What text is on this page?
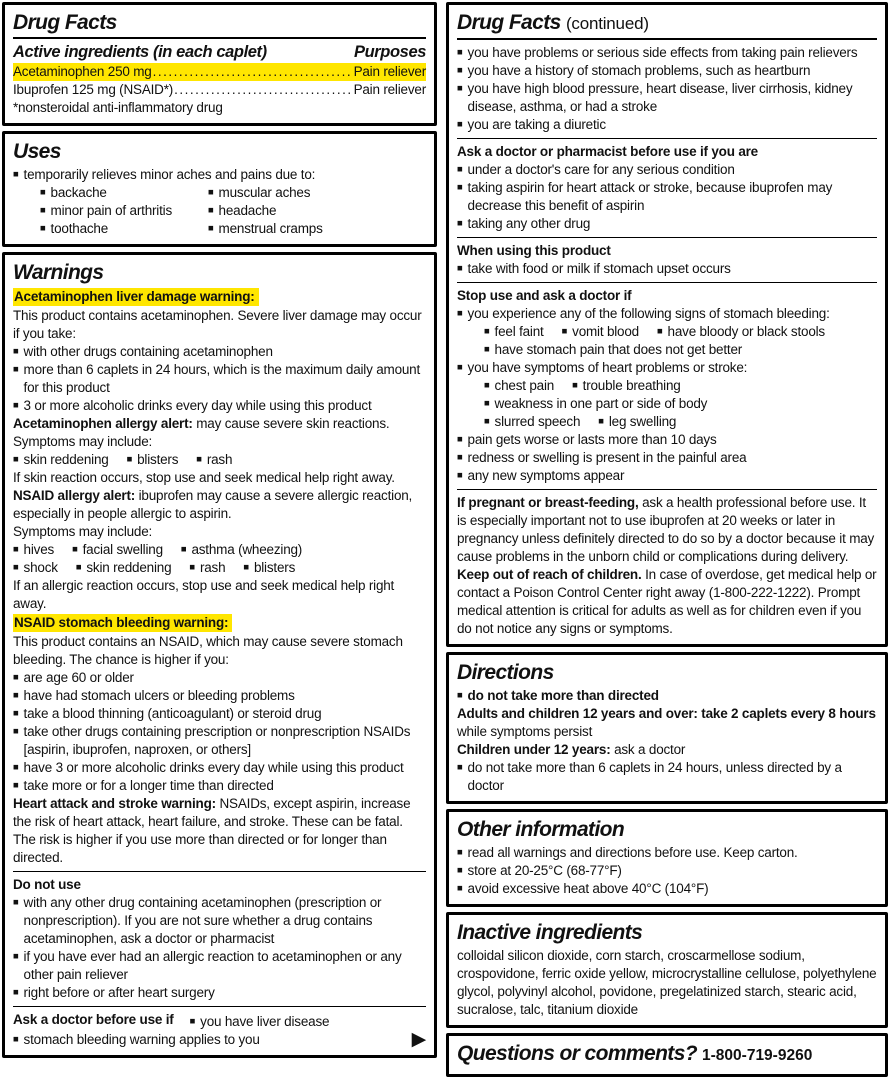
Drug Facts
Active ingredients (in each caplet)	Purposes
Acetaminophen 250 mg .....	Pain reliever
Ibuprofen 125 mg (NSAID*) .....	Pain reliever
*nonsteroidal anti-inflammatory drug
Uses
■ temporarily relieves minor aches and pains due to:
■ backache
■ minor pain of arthritis
■ toothache
■ muscular aches
■ headache
■ menstrual cramps
Warnings
Acetaminophen liver damage warning:

This product contains acetaminophen. Severe liver damage may occur if you take:

■ with other drugs containing acetaminophen
■ more than 6 caplets in 24 hours, which is the maximum daily amount for this product
■ 3 or more alcoholic drinks every day while using this product

Acetaminophen allergy alert: may cause severe skin reactions.

Symptoms may include:

■ skin reddening ■ blisters ■ rash

If skin reaction occurs, stop use and seek medical help right away.

NSAID allergy alert: ibuprofen may cause a severe allergic reaction, especially in people allergic to aspirin.

Symptoms may include:

■ hives ■ facial swelling ■ asthma (wheezing)
■ shock ■ skin reddening ■ rash ■ blisters

If an allergic reaction occurs, stop use and seek medical help right away.

NSAID stomach bleeding warning:

This product contains an NSAID, which may cause severe stomach bleeding. The chance is higher if you:

■ are age 60 or older
■ have had stomach ulcers or bleeding problems
■ take a blood thinning (anticoagulant) or steroid drug
■ take other drugs containing prescription or nonprescription NSAIDs [aspirin, ibuprofen, naproxen, or others]
■ have 3 or more alcoholic drinks every day while using this product
■ take more or for a longer time than directed

Heart attack and stroke warning: NSAIDs, except aspirin, increase the risk of heart attack, heart failure, and stroke. These can be fatal. The risk is higher if you use more than directed or for longer than directed.

Do not use
■ with any other drug containing acetaminophen (prescription or nonprescription). If you are not sure whether a drug contains acetaminophen, ask a doctor or pharmacist
■ if you have ever had an allergic reaction to acetaminophen or any other pain reliever
■ right before or after heart surgery
Ask a doctor before use if ■ you have liver disease
■ stomach bleeding warning applies to you	▶
Drug Facts (continued)
■ you have problems or serious side effects from taking pain relievers
■ you have a history of stomach problems, such as heartburn
■ you have high blood pressure, heart disease, liver cirrhosis, kidney disease, asthma, or had a stroke
■ you are taking a diuretic
Ask a doctor or pharmacist before use if you are
■ under a doctor's care for any serious condition
■ taking aspirin for heart attack or stroke, because ibuprofen may decrease this benefit of aspirin
■ taking any other drug
When using this product
■ take with food or milk if stomach upset occurs
Stop use and ask a doctor if
■ you experience any of the following signs of stomach bleeding:
■ feel faint ■ vomit blood ■ have bloody or black stools
■ have stomach pain that does not get better
■ you have symptoms of heart problems or stroke:
■ chest pain ■ trouble breathing
■ weakness in one part or side of body
■ slurred speech ■ leg swelling
■ pain gets worse or lasts more than 10 days
■ redness or swelling is present in the painful area
■ any new symptoms appear

If pregnant or breast-feeding, ask a health professional before use. It is especially important not to use ibuprofen at 20 weeks or later in pregnancy unless definitely directed to do so by a doctor because it may cause problems in the unborn child or complications during delivery.

Keep out of reach of children. In case of overdose, get medical help or contact a Poison Control Center right away (1-800-222-1222). Prompt medical attention is critical for adults as well as for children even if you do not notice any signs or symptoms.

Directions
■ do not take more than directed

Adults and children 12 years and over: take 2 caplets every 8 hours while symptoms persist

Children under 12 years: ask a doctor

■ do not take more than 6 caplets in 24 hours, unless directed by a doctor
Other information
■ read all warnings and directions before use. Keep carton.
■ store at 20-25°C (68-77°F)
■ avoid excessive heat above 40°C (104°F)
Inactive ingredients

colloidal silicon dioxide, corn starch, croscarmellose sodium, crospovidone, ferric oxide yellow, microcrystalline cellulose, polyethylene glycol, polyvinyl alcohol, povidone, pregelatinized starch, stearic acid, sucralose, talc, titanium dioxide

Questions or comments? 1-800-719-9260
